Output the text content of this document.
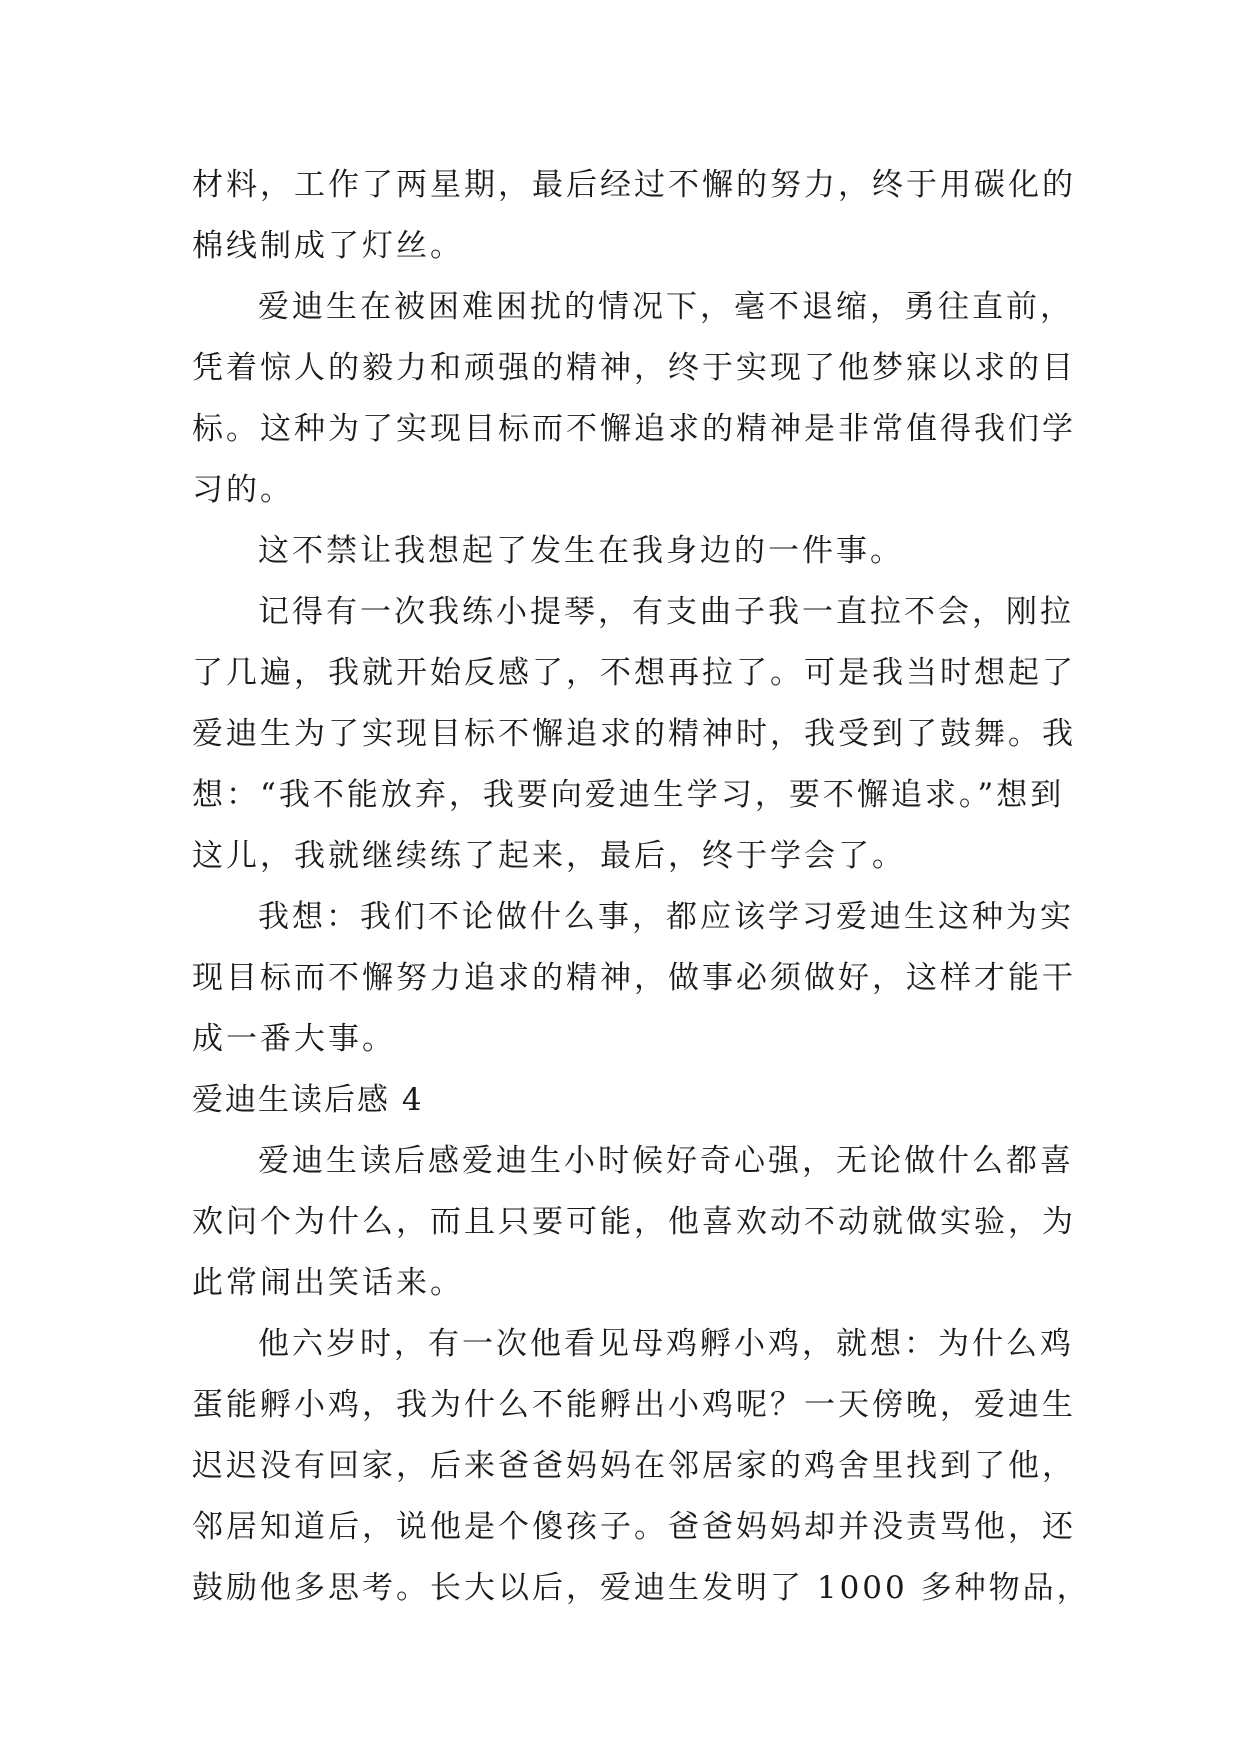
材料，工作了两星期，最后经过不懈的努力，终于用碳化的
棉线制成了灯丝。
爱迪生在被困难困扰的情况下，毫不退缩，勇往直前，
凭着惊人的毅力和顽强的精神，终于实现了他梦寐以求的目
标。这种为了实现目标而不懈追求的精神是非常值得我们学
习的。
这不禁让我想起了发生在我身边的一件事。
记得有一次我练小提琴，有支曲子我一直拉不会，刚拉
了几遍，我就开始反感了，不想再拉了。可是我当时想起了
爱迪生为了实现目标不懈追求的精神时，我受到了鼓舞。我
想：“我不能放弃，我要向爱迪生学习，要不懈追求。”想到
这儿，我就继续练了起来，最后，终于学会了。
我想：我们不论做什么事，都应该学习爱迪生这种为实
现目标而不懈努力追求的精神，做事必须做好，这样才能干
成一番大事。
爱迪生读后感 4
爱迪生读后感爱迪生小时候好奇心强，无论做什么都喜
欢问个为什么，而且只要可能，他喜欢动不动就做实验，为
此常闹出笑话来。
他六岁时，有一次他看见母鸡孵小鸡，就想：为什么鸡
蛋能孵小鸡，我为什么不能孵出小鸡呢？一天傍晚，爱迪生
迟迟没有回家，后来爸爸妈妈在邻居家的鸡舍里找到了他，
邻居知道后，说他是个傻孩子。爸爸妈妈却并没责骂他，还
鼓励他多思考。长大以后，爱迪生发明了 1000 多种物品，
